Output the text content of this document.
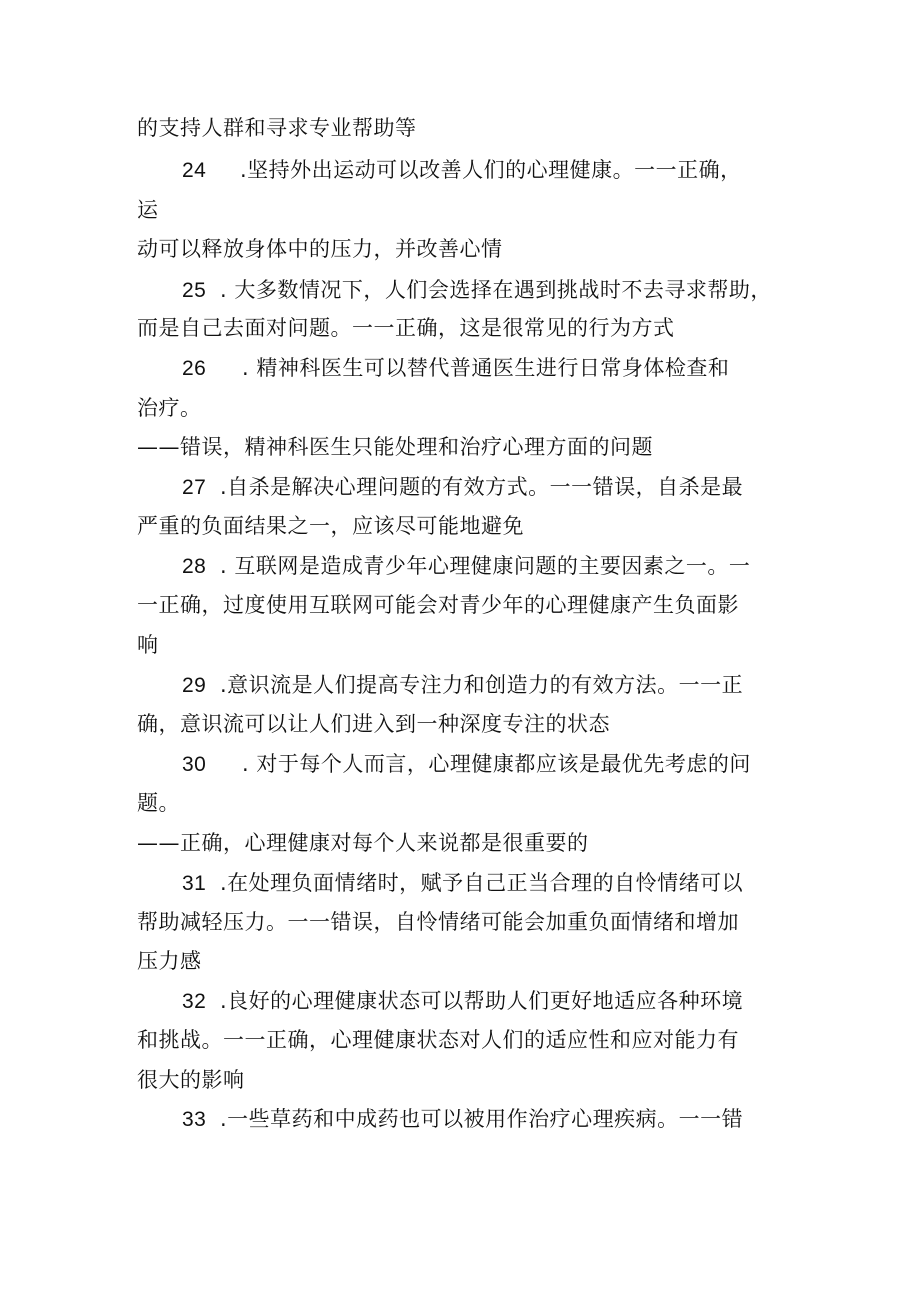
的支持人群和寻求专业帮助等
24 .坚持外出运动可以改善人们的心理健康。一一正确，
运
动可以释放身体中的压力，并改善心情
25 . 大多数情况下，人们会选择在遇到挑战时不去寻求帮助，
而是自己去面对问题。一一正确，这是很常见的行为方式
26 . 精神科医生可以替代普通医生进行日常身体检查和
治疗。
——错误，精神科医生只能处理和治疗心理方面的问题
27 .自杀是解决心理问题的有效方式。一一错误，自杀是最
严重的负面结果之一，应该尽可能地避免
28 . 互联网是造成青少年心理健康问题的主要因素之一。一
一正确，过度使用互联网可能会对青少年的心理健康产生负面影
响
29 .意识流是人们提高专注力和创造力的有效方法。一一正
确，意识流可以让人们进入到一种深度专注的状态
30 . 对于每个人而言，心理健康都应该是最优先考虑的问
题。
——正确，心理健康对每个人来说都是很重要的
31 .在处理负面情绪时，赋予自己正当合理的自怜情绪可以
帮助减轻压力。一一错误，自怜情绪可能会加重负面情绪和增加
压力感
32 .良好的心理健康状态可以帮助人们更好地适应各种环境
和挑战。一一正确，心理健康状态对人们的适应性和应对能力有
很大的影响
33 .一些草药和中成药也可以被用作治疗心理疾病。一一错
